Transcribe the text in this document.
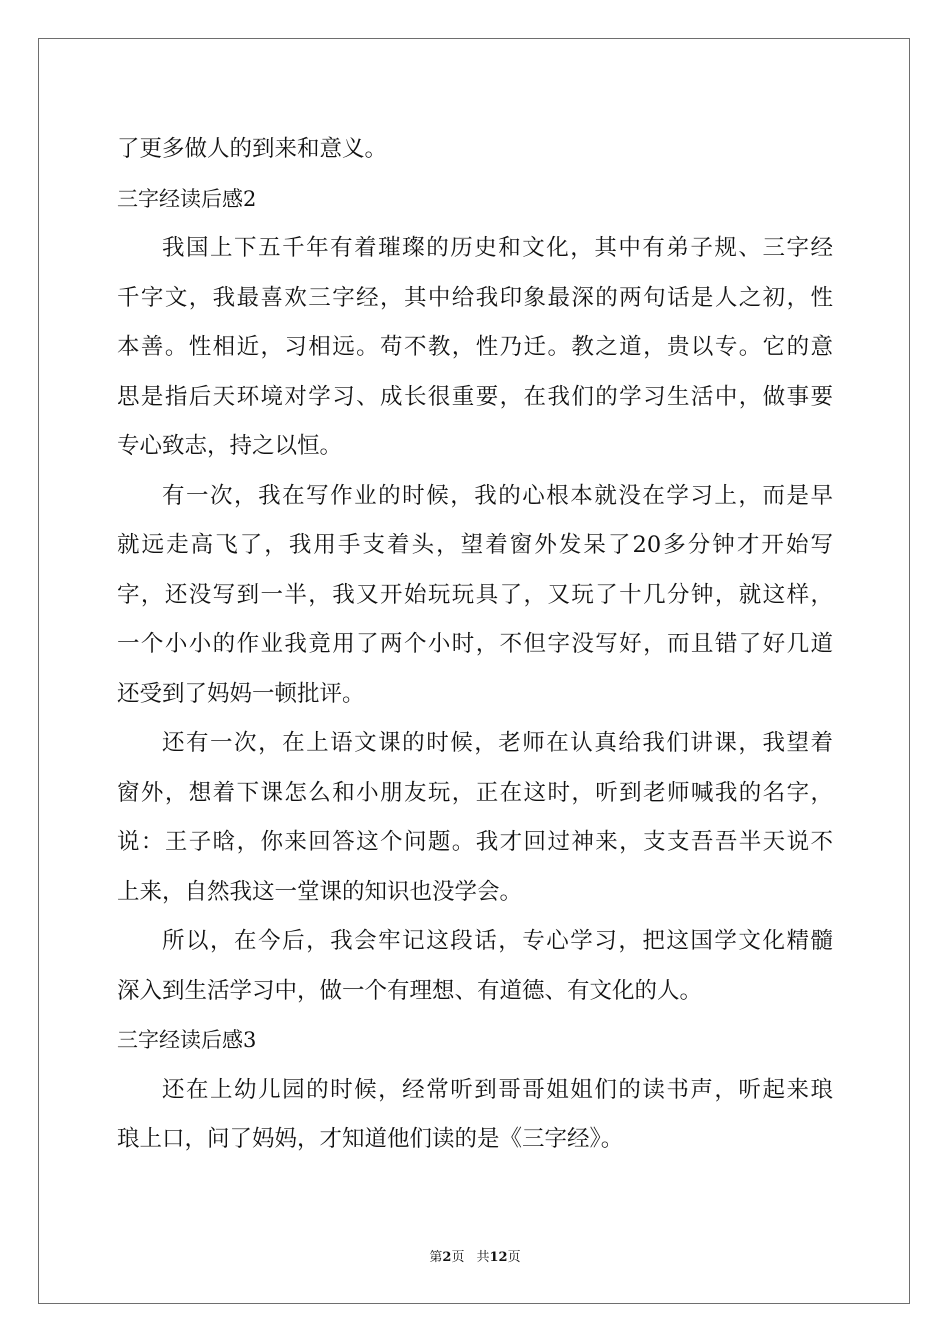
了更多做人的到来和意义。
三字经读后感2
我国上下五千年有着璀璨的历史和文化，其中有弟子规、三字经
千字文，我最喜欢三字经，其中给我印象最深的两句话是人之初，性
本善。性相近，习相远。苟不教，性乃迁。教之道，贵以专。它的意
思是指后天环境对学习、成长很重要，在我们的学习生活中，做事要
专心致志，持之以恒。
有一次，我在写作业的时候，我的心根本就没在学习上，而是早
就远走高飞了，我用手支着头，望着窗外发呆了20多分钟才开始写
字，还没写到一半，我又开始玩玩具了，又玩了十几分钟，就这样，
一个小小的作业我竟用了两个小时，不但字没写好，而且错了好几道
还受到了妈妈一顿批评。
还有一次，在上语文课的时候，老师在认真给我们讲课，我望着
窗外，想着下课怎么和小朋友玩，正在这时，听到老师喊我的名字，
说：王子晗，你来回答这个问题。我才回过神来，支支吾吾半天说不
上来，自然我这一堂课的知识也没学会。
所以，在今后，我会牢记这段话，专心学习，把这国学文化精髓
深入到生活学习中，做一个有理想、有道德、有文化的人。
三字经读后感3
还在上幼儿园的时候，经常听到哥哥姐姐们的读书声，听起来琅
琅上口，问了妈妈，才知道他们读的是《三字经》。
第2页 共12页
